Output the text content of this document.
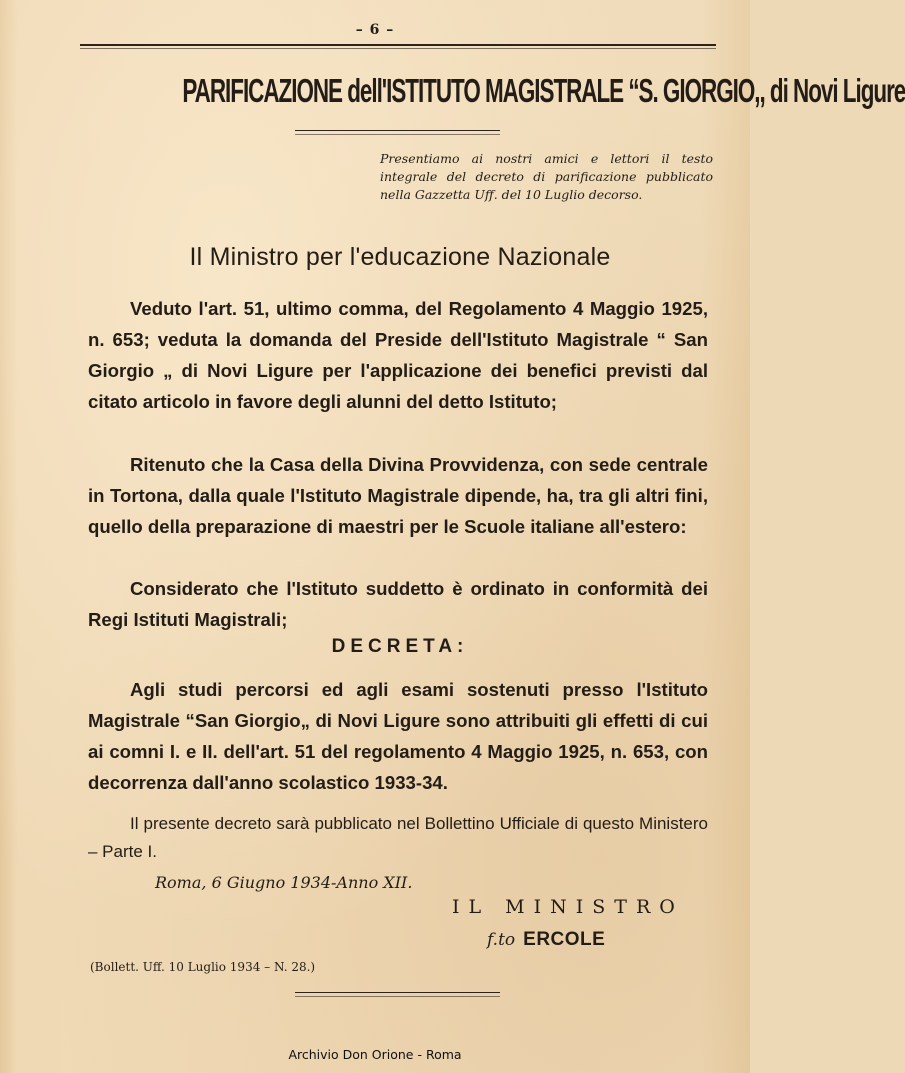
– 6 –
PARIFICAZIONE dell'ISTITUTO MAGISTRALE “S. GIORGIO,, di Novi Ligure
Presentiamo ai nostri amici e lettori il testo integrale del decreto di parificazione pubblicato nella Gazzetta Uff. del 10 Luglio decorso.
Il Ministro per l'educazione Nazionale

Veduto l'art. 51, ultimo comma, del Regolamento 4 Maggio 1925, n. 653; veduta la domanda del Preside dell'Istituto Magistrale “ San Giorgio „ di Novi Ligure per l'applicazione dei benefici previsti dal citato articolo in favore degli alunni del detto Istituto;

Ritenuto che la Casa della Divina Provvidenza, con sede centrale in Tortona, dalla quale l'Istituto Magistrale dipende, ha, tra gli altri fini, quello della preparazione di maestri per le Scuole italiane all'estero:

Considerato che l'Istituto suddetto è ordinato in conformità dei Regi Istituti Magistrali;

DECRETA:

Agli studi percorsi ed agli esami sostenuti presso l'Istituto Magistrale “San Giorgio„ di Novi Ligure sono attribuiti gli effetti di cui ai comni I. e II. dell'art. 51 del regolamento 4 Maggio 1925, n. 653, con decorrenza dall'anno scolastico 1933-34.

Il presente decreto sarà pubblicato nel Bollettino Ufficiale di questo Ministero – Parte I.

Roma, 6 Giugno 1934-Anno XII.
IL MINISTRO
f.to ERCOLE
(Bollett. Uff. 10 Luglio 1934 – N. 28.)
Archivio Don Orione - Roma
